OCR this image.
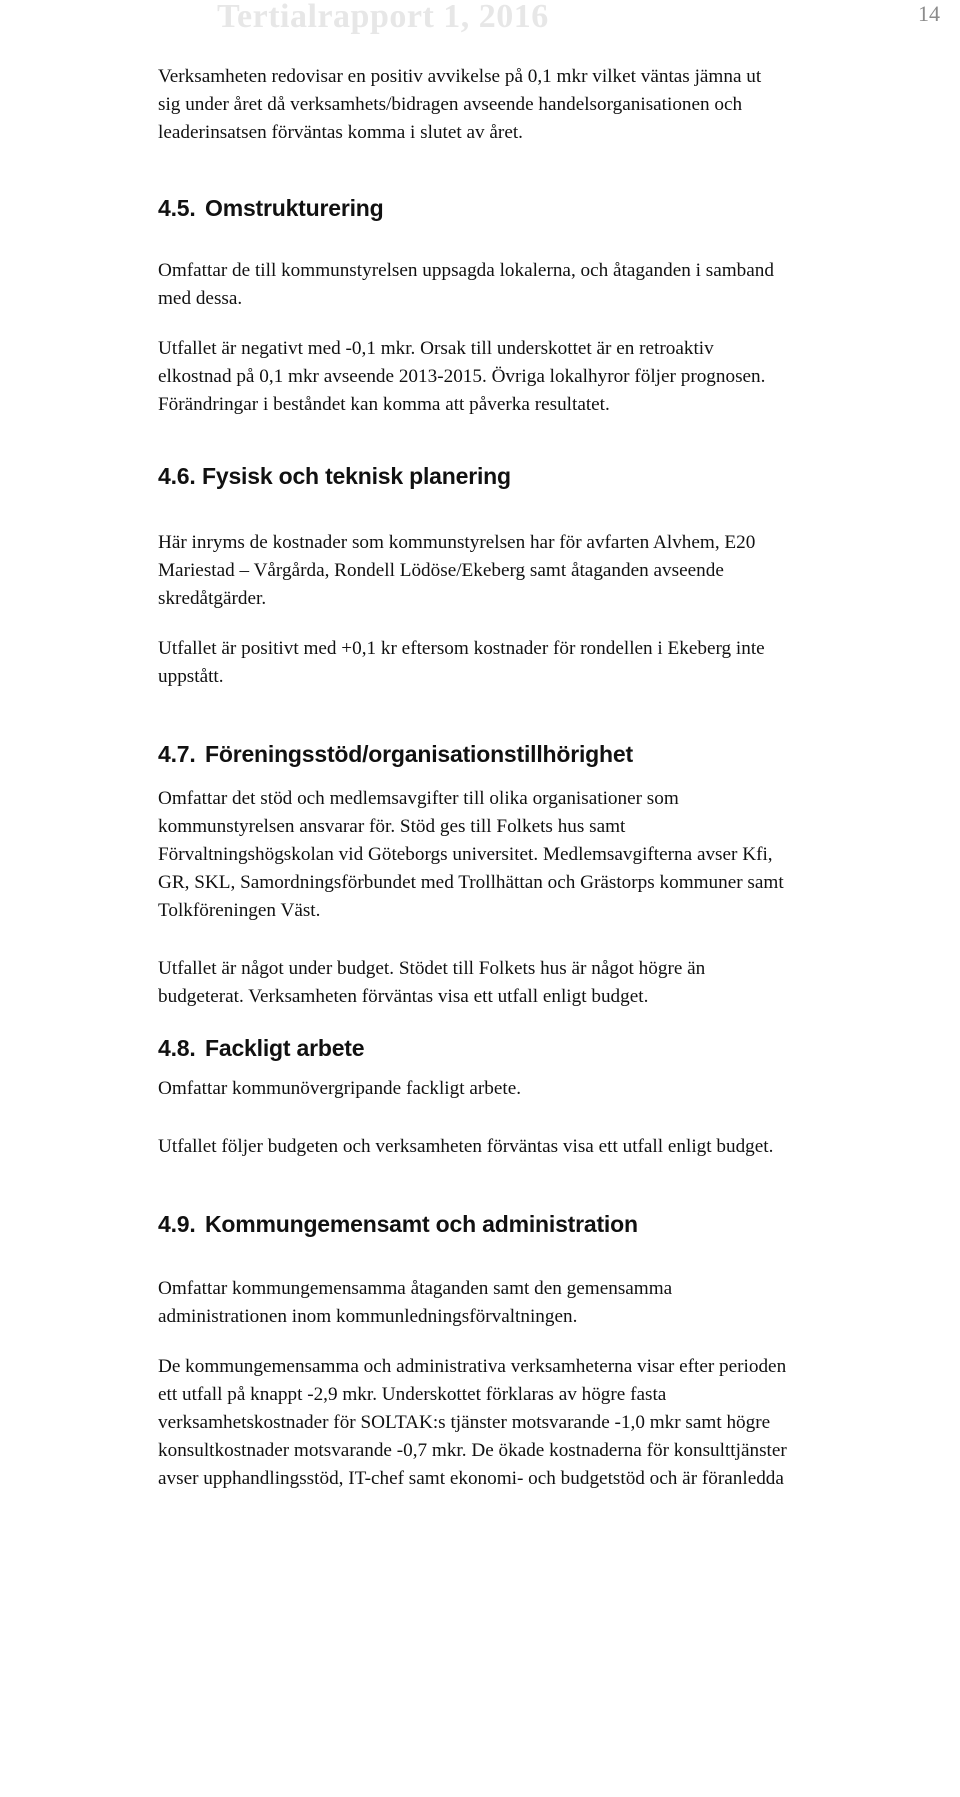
Tertialrapport 1, 2016	14

Verksamheten redovisar en positiv avvikelse på 0,1 mkr vilket väntas jämna ut
sig under året då verksamhets/bidragen avseende handelsorganisationen och
leaderinsatsen förväntas komma i slutet av året.

4.5. Omstrukturering

Omfattar de till kommunstyrelsen uppsagda lokalerna, och åtaganden i samband
med dessa.

Utfallet är negativt med -0,1 mkr. Orsak till underskottet är en retroaktiv
elkostnad på 0,1 mkr avseende 2013-2015. Övriga lokalhyror följer prognosen.
Förändringar i beståndet kan komma att påverka resultatet.

4.6. Fysisk och teknisk planering

Här inryms de kostnader som kommunstyrelsen har för avfarten Alvhem, E20
Mariestad – Vårgårda, Rondell Lödöse/Ekeberg samt åtaganden avseende
skredåtgärder.

Utfallet är positivt med +0,1 kr eftersom kostnader för rondellen i Ekeberg inte
uppstått.

4.7. Föreningsstöd/organisationstillhörighet

Omfattar det stöd och medlemsavgifter till olika organisationer som
kommunstyrelsen ansvarar för. Stöd ges till Folkets hus samt
Förvaltningshögskolan vid Göteborgs universitet. Medlemsavgifterna avser Kfi,
GR, SKL, Samordningsförbundet med Trollhättan och Grästorps kommuner samt
Tolkföreningen Väst.

Utfallet är något under budget. Stödet till Folkets hus är något högre än
budgeterat. Verksamheten förväntas visa ett utfall enligt budget.

4.8. Fackligt arbete

Omfattar kommunövergripande fackligt arbete.

Utfallet följer budgeten och verksamheten förväntas visa ett utfall enligt budget.

4.9. Kommungemensamt och administration

Omfattar kommungemensamma åtaganden samt den gemensamma
administrationen inom kommunledningsförvaltningen.

De kommungemensamma och administrativa verksamheterna visar efter perioden
ett utfall på knappt -2,9 mkr. Underskottet förklaras av högre fasta
verksamhetskostnader för SOLTAK:s tjänster motsvarande -1,0 mkr samt högre
konsultkostnader motsvarande -0,7 mkr. De ökade kostnaderna för konsulttjänster
avser upphandlingsstöd, IT-chef samt ekonomi- och budgetstöd och är föranledda
